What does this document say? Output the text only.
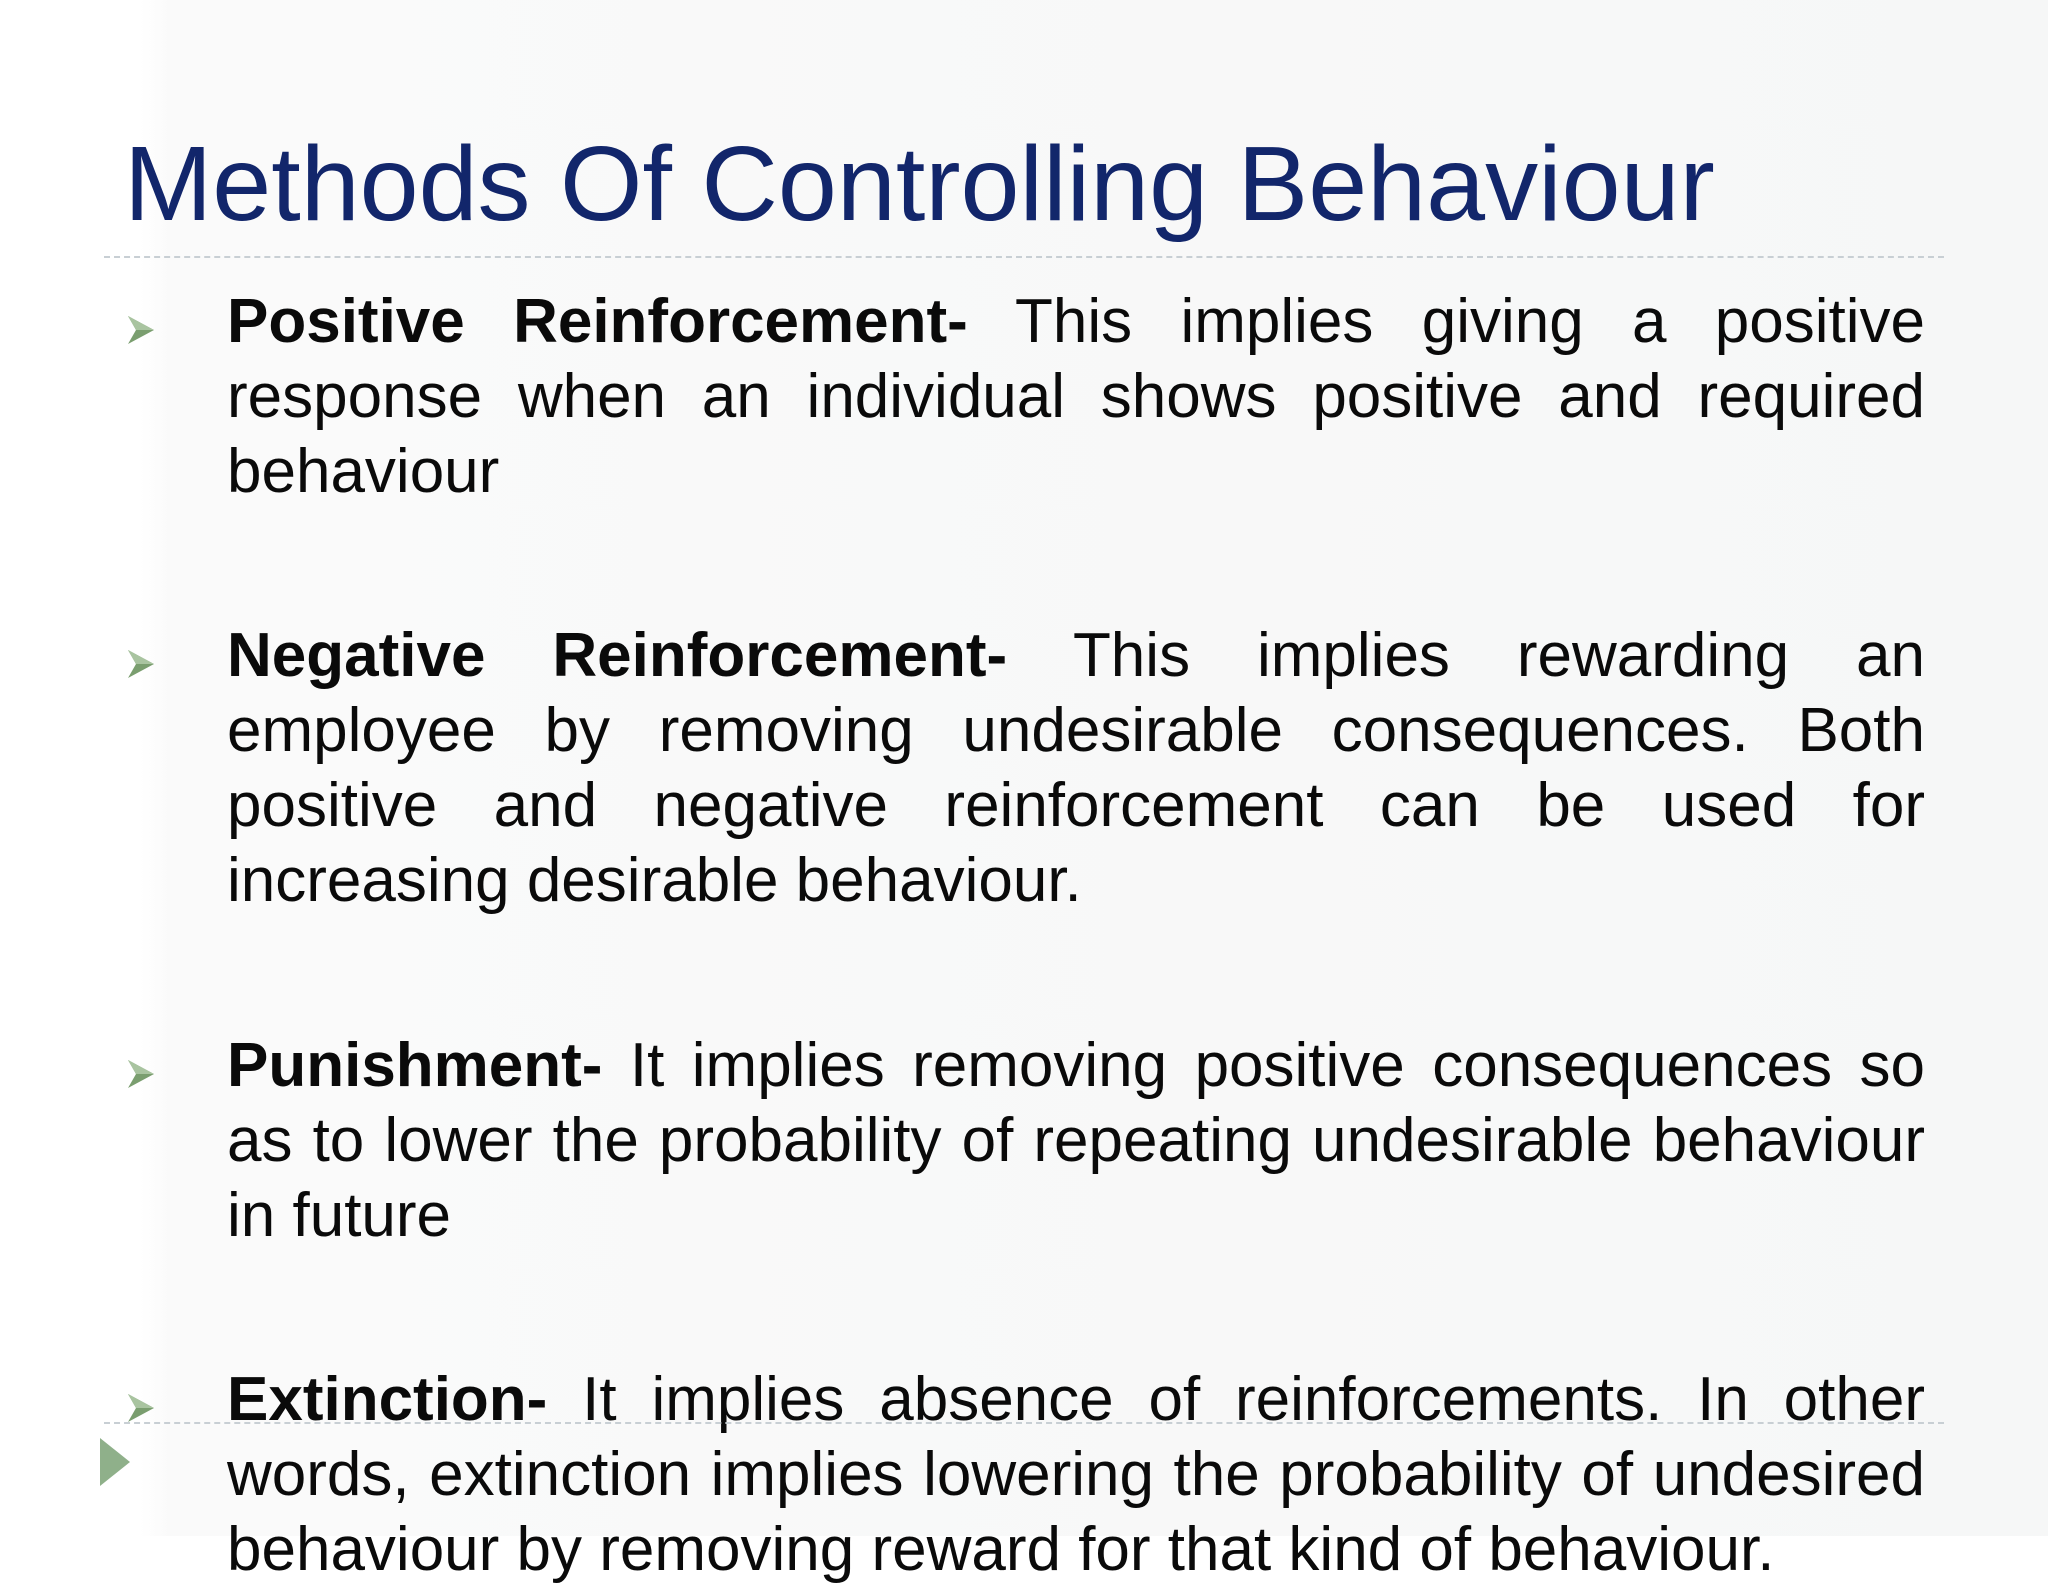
Methods Of Controlling Behaviour

Positive Reinforcement- This implies giving a positive response when an individual shows positive and required behaviour

Negative Reinforcement- This implies rewarding an employee by removing undesirable consequences. Both positive and negative reinforcement can be used for increasing desirable behaviour.

Punishment- It implies removing positive consequences so as to lower the probability of repeating undesirable behaviour in future

Extinction- It implies absence of reinforcements. In other words, extinction implies lowering the probability of undesired behaviour by removing reward for that kind of behaviour.
